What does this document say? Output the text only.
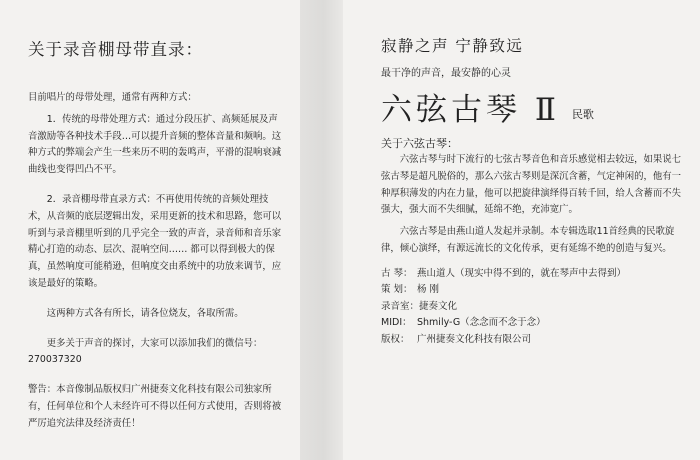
关于录音棚母带直录：

目前唱片的母带处理，通常有两种方式：

1．传统的母带处理方式：通过分段压扩、高频延展及声音激励等各种技术手段…可以提升音频的整体音量和频响。这种方式的弊端会产生一些来历不明的轰鸣声，平滑的混响衰减曲线也变得凹凸不平。

2．录音棚母带直录方式：不再使用传统的音频处理技术，从音频的底层逻辑出发，采用更新的技术和思路，您可以听到与录音棚里听到的几乎完全一致的声音，录音师和音乐家精心打造的动态、层次、混响空间…… 都可以得到极大的保真，虽然响度可能稍逊，但响度交由系统中的功放来调节，应该是最好的策略。

这两种方式各有所长，请各位烧友，各取所需。

更多关于声音的探讨，大家可以添加我们的微信号：270037320

警告：本音像制品版权归广州捷奏文化科技有限公司独家所有，任何单位和个人未经许可不得以任何方式使用，否则将被严厉追究法律及经济责任！

寂静之声 宁静致远
最干净的声音，最安静的心灵
六弦古琴 Ⅱ 民歌
关于六弦古琴：

六弦古琴与时下流行的七弦古琴音色和音乐感觉相去较远，如果说七弦古琴是超凡脱俗的，那么六弦古琴则是深沉含蓄，气定神闲的，他有一种厚积薄发的内在力量，他可以把旋律演绎得百转千回，给人含蓄而不失强大，强大而不失细腻，延绵不绝，充沛宽广。

六弦古琴是由燕山道人发起并录制。本专辑选取11首经典的民歌旋律，倾心演绎，有源远流长的文化传承，更有延绵不绝的创造与复兴。

古 琴： 燕山道人（现实中得不到的，就在琴声中去得到）
策 划： 杨 刚
录音室： 捷奏文化
MIDI： Shmily-G（念念而不念于念）
版权： 广州捷奏文化科技有限公司
